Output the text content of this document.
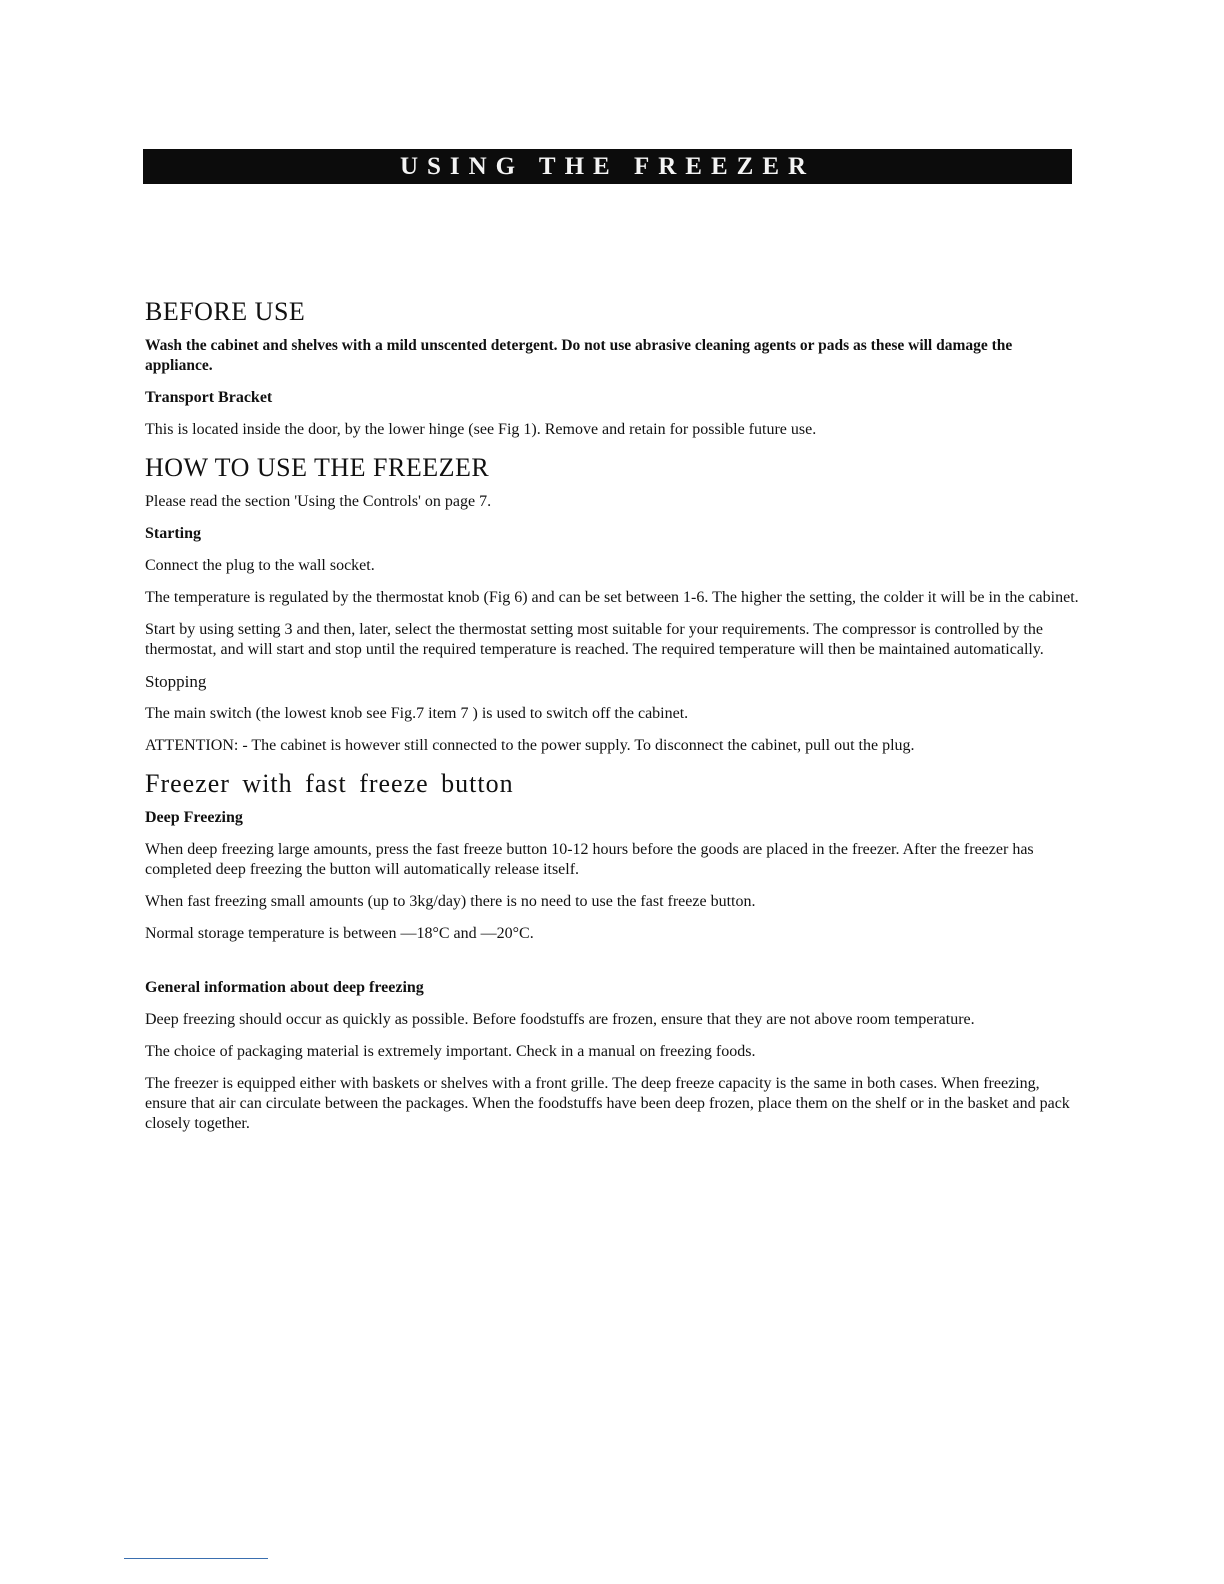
USING THE FREEZER
BEFORE USE

Wash the cabinet and shelves with a mild unscented detergent. Do not use abrasive cleaning agents or pads as these will damage the appliance.

Transport Bracket

This is located inside the door, by the lower hinge (see Fig 1). Remove and retain for possible future use.

HOW TO USE THE FREEZER

Please read the section 'Using the Controls' on page 7.

Starting

Connect the plug to the wall socket.

The temperature is regulated by the thermostat knob (Fig 6) and can be set between 1-6. The higher the setting, the colder it will be in the cabinet.

Start by using setting 3 and then, later, select the thermostat setting most suitable for your requirements. The compressor is controlled by the thermostat, and will start and stop until the required temperature is reached. The required temperature will then be maintained automatically.

Stopping

The main switch (the lowest knob see Fig.7 item 7 ) is used to switch off the cabinet.

ATTENTION: - The cabinet is however still connected to the power supply. To disconnect the cabinet, pull out the plug.

Freezer with fast freeze button
Deep Freezing

When deep freezing large amounts, press the fast freeze button 10-12 hours before the goods are placed in the freezer. After the freezer has completed deep freezing the button will automatically release itself.

When fast freezing small amounts (up to 3kg/day) there is no need to use the fast freeze button.

Normal storage temperature is between —18°C and —20°C.

General information about deep freezing

Deep freezing should occur as quickly as possible. Before foodstuffs are frozen, ensure that they are not above room temperature.

The choice of packaging material is extremely important. Check in a manual on freezing foods.

The freezer is equipped either with baskets or shelves with a front grille. The deep freeze capacity is the same in both cases. When freezing, ensure that air can circulate between the packages. When the foodstuffs have been deep frozen, place them on the shelf or in the basket and pack closely together.
